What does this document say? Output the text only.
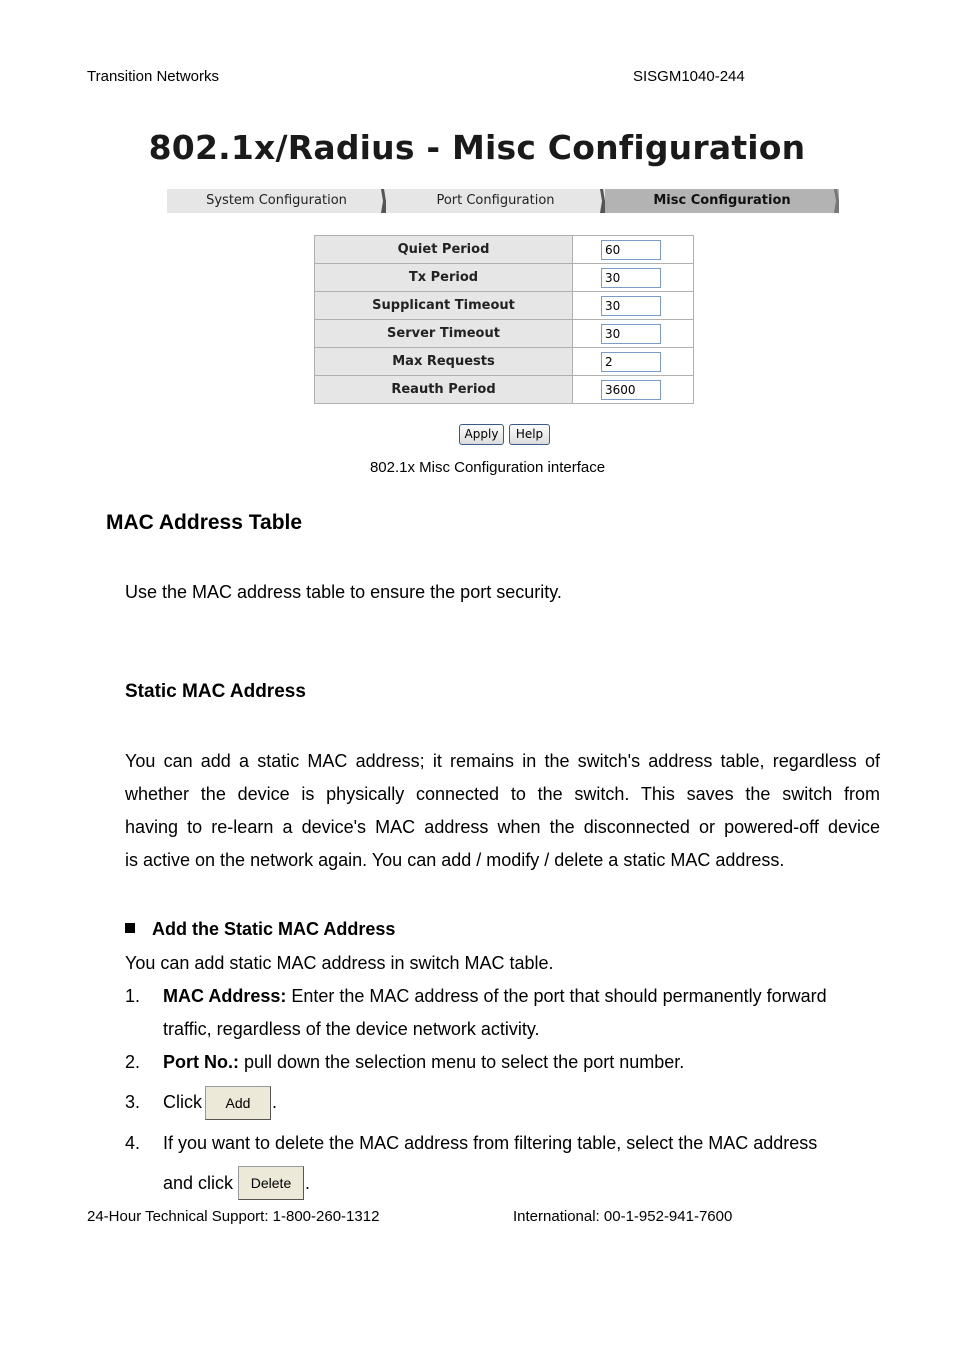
Transition Networks	SISGM1040-244
802.1x/Radius - Misc Configuration
System Configuration	Port Configuration	Misc Configuration
Quiet Period	60

Tx Period	30

Supplicant Timeout	30

Server Timeout	30

Max Requests	2

Reauth Period	3600
Apply	Help
802.1x Misc Configuration interface
MAC Address Table
Use the MAC address table to ensure the port security.
Static MAC Address
You can add a static MAC address; it remains in the switch's address table, regardless of
whether the device is physically connected to the switch. This saves the switch from
having to re-learn a device's MAC address when the disconnected or powered-off device
is active on the network again. You can add / modify / delete a static MAC address.
Add the Static MAC Address
You can add static MAC address in switch MAC table.
1. MAC Address: Enter the MAC address of the port that should permanently forward
traffic, regardless of the device network activity.
2. Port No.: pull down the selection menu to select the port number.
3. Click	Add	.
4. If you want to delete the MAC address from filtering table, select the MAC address
and click	Delete .
24-Hour Technical Support: 1-800-260-1312	International: 00-1-952-941-7600
